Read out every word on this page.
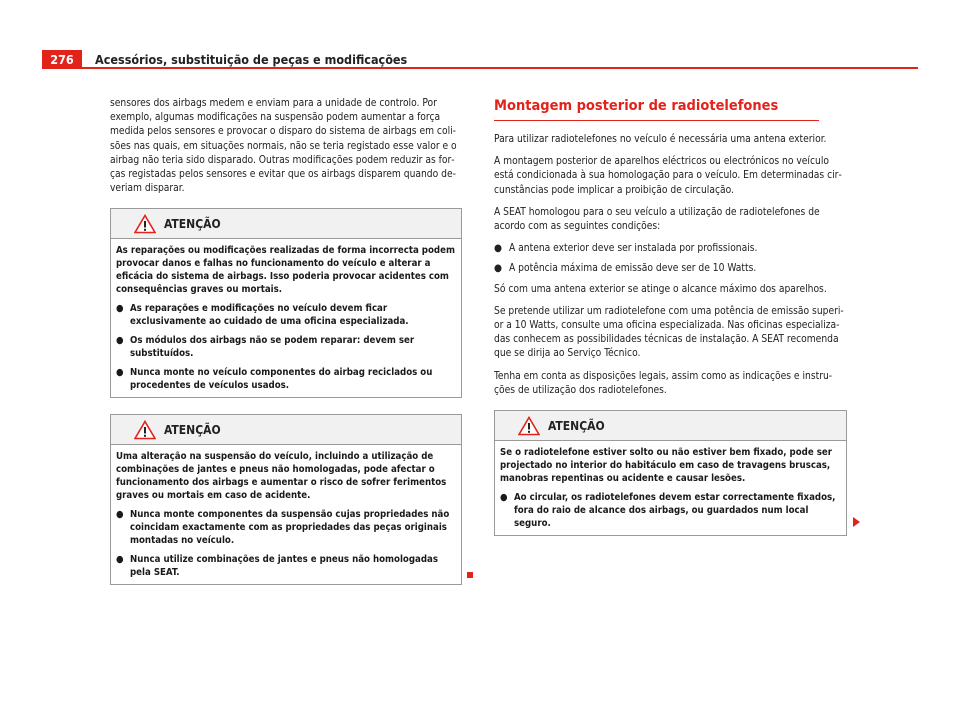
276	Acessórios, substituição de peças e modificações

sensores dos airbags medem e enviam para a unidade de controlo. Por exemplo, algumas modificações na suspensão podem aumentar a força medida pelos sensores e provocar o disparo do sistema de airbags em colisões nas quais, em situações normais, não se teria registado esse valor e o airbag não teria sido disparado. Outras modificações podem reduzir as forças registadas pelos sensores e evitar que os airbags disparem quando deveriam disparar.

ATENÇÃO

As reparações ou modificações realizadas de forma incorrecta podem provocar danos e falhas no funcionamento do veículo e alterar a eficácia do sistema de airbags. Isso poderia provocar acidentes com consequências graves ou mortais.

● As reparações e modificações no veículo devem ficar exclusivamente ao cuidado de uma oficina especializada.
● Os módulos dos airbags não se podem reparar: devem ser substituídos.
● Nunca monte no veículo componentes do airbag reciclados ou procedentes de veículos usados.
ATENÇÃO

Uma alteração na suspensão do veículo, incluindo a utilização de combinações de jantes e pneus não homologadas, pode afectar o funcionamento dos airbags e aumentar o risco de sofrer ferimentos graves ou mortais em caso de acidente.

● Nunca monte componentes da suspensão cujas propriedades não coincidam exactamente com as propriedades das peças originais montadas no veículo.
● Nunca utilize combinações de jantes e pneus não homologadas pela SEAT.
Montagem posterior de radiotelefones

Para utilizar radiotelefones no veículo é necessária uma antena exterior.

A montagem posterior de aparelhos eléctricos ou electrónicos no veículo está condicionada à sua homologação para o veículo. Em determinadas circunstâncias pode implicar a proibição de circulação.

A SEAT homologou para o seu veículo a utilização de radiotelefones de acordo com as seguintes condições:

● A antena exterior deve ser instalada por profissionais.
● A potência máxima de emissão deve ser de 10 Watts.

Só com uma antena exterior se atinge o alcance máximo dos aparelhos.

Se pretende utilizar um radiotelefone com uma potência de emissão superior a 10 Watts, consulte uma oficina especializada. Nas oficinas especializadas conhecem as possibilidades técnicas de instalação. A SEAT recomenda que se dirija ao Serviço Técnico.

Tenha em conta as disposições legais, assim como as indicações e instruções de utilização dos radiotelefones.

ATENÇÃO

Se o radiotelefone estiver solto ou não estiver bem fixado, pode ser projectado no interior do habitáculo em caso de travagens bruscas, manobras repentinas ou acidente e causar lesões.

● Ao circular, os radiotelefones devem estar correctamente fixados, fora do raio de alcance dos airbags, ou guardados num local seguro.
